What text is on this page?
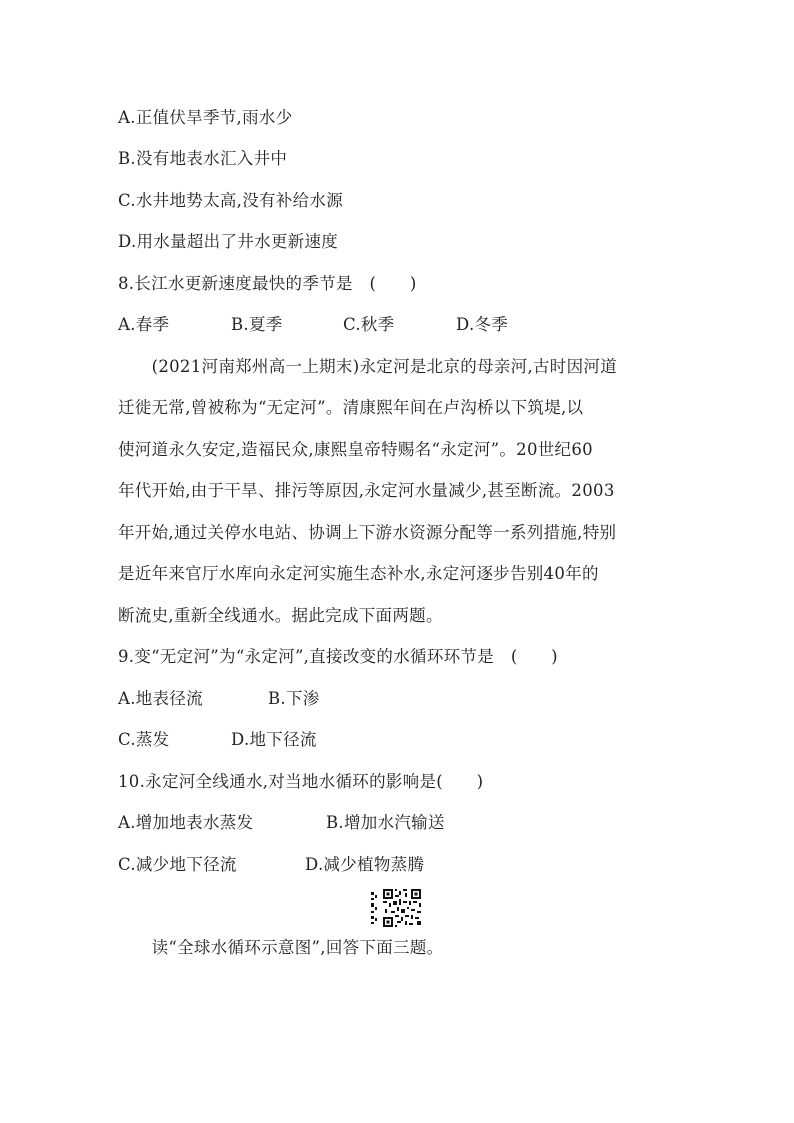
A.正值伏旱季节,雨水少
B.没有地表水汇入井中
C.水井地势太高,没有补给水源
D.用水量超出了井水更新速度
8.长江水更新速度最快的季节是　(　　)
A.春季	B.夏季	C.秋季	D.冬季
　　(2021河南郑州高一上期末)永定河是北京的母亲河,古时因河道
迁徙无常,曾被称为“无定河”。清康熙年间在卢沟桥以下筑堤,以
使河道永久安定,造福民众,康熙皇帝特赐名“永定河”。20世纪60
年代开始,由于干旱、排污等原因,永定河水量减少,甚至断流。2003
年开始,通过关停水电站、协调上下游水资源分配等一系列措施,特别
是近年来官厅水库向永定河实施生态补水,永定河逐步告别40年的
断流史,重新全线通水。据此完成下面两题。
9.变“无定河”为“永定河”,直接改变的水循环环节是　(　　)
A.地表径流	B.下渗
C.蒸发	D.地下径流
10.永定河全线通水,对当地水循环的影响是(　　)
A.增加地表水蒸发	B.增加水汽输送
C.减少地下径流	D.减少植物蒸腾
　　读“全球水循环示意图”,回答下面三题。
